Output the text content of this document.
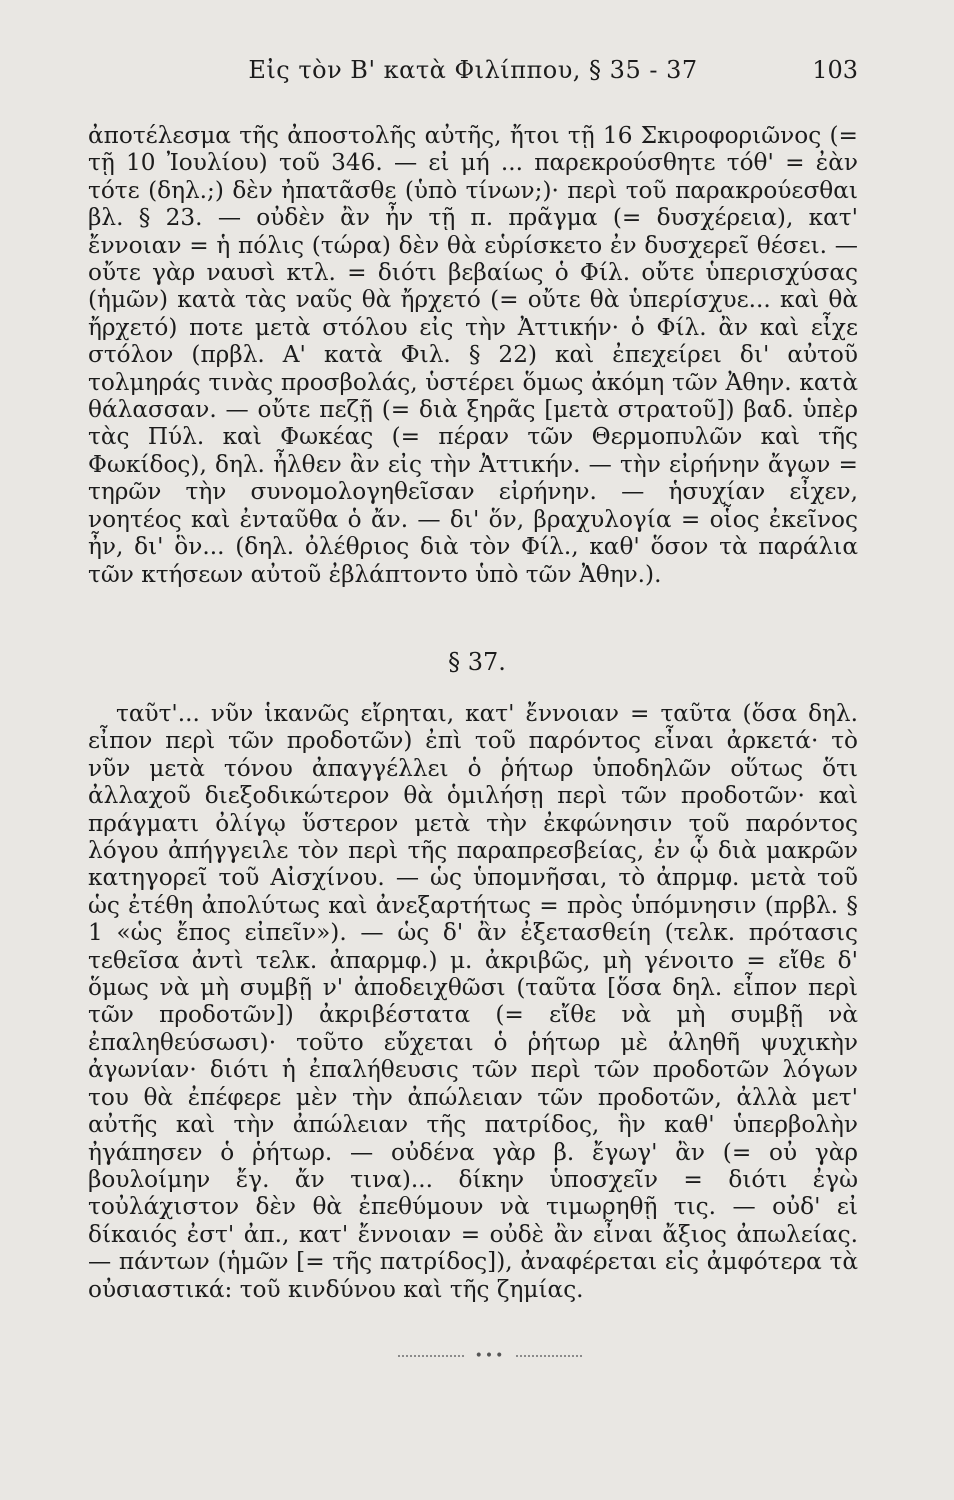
Εἰς τὸν Β' κατὰ Φιλίππου, § 35 - 37	103

ἀποτέλεσμα τῆς ἀποστολῆς αὐτῆς, ἤτοι τῇ 16 Σκιροφοριῶνος (= τῇ 10 Ἰουλίου) τοῦ 346. — εἰ μή ... παρεκρούσθητε τόθ' = ἐὰν τότε (δηλ.;) δὲν ἠπατᾶσθε (ὑπὸ τίνων;)· περὶ τοῦ παρακρούεσθαι βλ. § 23. — οὐδὲν ἂν ἦν τῇ π. πρᾶγμα (= δυσχέρεια), κατ' ἔννοιαν = ἡ πόλις (τώρα) δὲν θὰ εὑρίσκετο ἐν δυσχερεῖ θέσει. — οὔτε γὰρ ναυσὶ κτλ. = διότι βεβαίως ὁ Φίλ. οὔτε ὑπερισχύσας (ἡμῶν) κατὰ τὰς ναῦς θὰ ἤρχετό (= οὔτε θὰ ὑπερίσχυε... καὶ θὰ ἤρχετό) ποτε μετὰ στόλου εἰς τὴν Ἀττικήν· ὁ Φίλ. ἂν καὶ εἶχε στόλον (πρβλ. Α' κατὰ Φιλ. § 22) καὶ ἐπεχείρει δι' αὐτοῦ τολμηράς τινὰς προσβολάς, ὑστέρει ὅμως ἀκόμη τῶν Ἀθην. κατὰ θάλασσαν. — οὔτε πεζῇ (= διὰ ξηρᾶς [μετὰ στρατοῦ]) βαδ. ὑπὲρ τὰς Πύλ. καὶ Φωκέας (= πέραν τῶν Θερμοπυλῶν καὶ τῆς Φωκίδος), δηλ. ἦλθεν ἂν εἰς τὴν Ἀττικήν. — τὴν εἰρήνην ἄγων = τηρῶν τὴν συνομολογηθεῖσαν εἰρήνην. — ἡσυχίαν εἶχεν, νοητέος καὶ ἐνταῦθα ὁ ἄν. — δι' ὅν, βραχυλογία = οἷος ἐκεῖνος ἦν, δι' ὃν... (δηλ. ὀλέθριος διὰ τὸν Φίλ., καθ' ὅσον τὰ παράλια τῶν κτήσεων αὐτοῦ ἐβλάπτοντο ὑπὸ τῶν Ἀθην.).

§ 37.

ταῦτ'... νῦν ἱκανῶς εἴρηται, κατ' ἔννοιαν = ταῦτα (ὅσα δηλ. εἶπον περὶ τῶν προδοτῶν) ἐπὶ τοῦ παρόντος εἶναι ἀρκετά· τὸ νῦν μετὰ τόνου ἀπαγγέλλει ὁ ῥήτωρ ὑποδηλῶν οὕτως ὅτι ἀλλαχοῦ διεξοδικώτερον θὰ ὁμιλήσῃ περὶ τῶν προδοτῶν· καὶ πράγματι ὀλίγῳ ὕστερον μετὰ τὴν ἐκφώνησιν τοῦ παρόντος λόγου ἀπήγγειλε τὸν περὶ τῆς παραπρεσβείας, ἐν ᾧ διὰ μακρῶν κατηγορεῖ τοῦ Αἰσχίνου. — ὡς ὑπομνῆσαι, τὸ ἀπρμφ. μετὰ τοῦ ὡς ἐτέθη ἀπολύτως καὶ ἀνεξαρτήτως = πρὸς ὑπόμνησιν (πρβλ. § 1 «ὡς ἔπος εἰπεῖν»). — ὡς δ' ἂν ἐξετασθείη (τελκ. πρότασις τεθεῖσα ἀντὶ τελκ. ἀπαρμφ.) μ. ἀκριβῶς, μὴ γένοιτο = εἴθε δ' ὅμως νὰ μὴ συμβῇ ν' ἀποδειχθῶσι (ταῦτα [ὅσα δηλ. εἶπον περὶ τῶν προδοτῶν]) ἀκριβέστατα (= εἴθε νὰ μὴ συμβῇ νὰ ἐπαληθεύσωσι)· τοῦτο εὔχεται ὁ ῥήτωρ μὲ ἀληθῆ ψυχικὴν ἀγωνίαν· διότι ἡ ἐπαλήθευσις τῶν περὶ τῶν προδοτῶν λόγων του θὰ ἐπέφερε μὲν τὴν ἀπώλειαν τῶν προδοτῶν, ἀλλὰ μετ' αὐτῆς καὶ τὴν ἀπώλειαν τῆς πατρίδος, ἣν καθ' ὑπερβολὴν ἠγάπησεν ὁ ῥήτωρ. — οὐδένα γὰρ β. ἔγωγ' ἂν (= οὐ γὰρ βουλοίμην ἔγ. ἄν τινα)... δίκην ὑποσχεῖν = διότι ἐγὼ τοὐλάχιστον δὲν θὰ ἐπεθύμουν νὰ τιμωρηθῇ τις. — οὐδ' εἰ δίκαιός ἐστ' ἀπ., κατ' ἔννοιαν = οὐδὲ ἂν εἶναι ἄξιος ἀπωλείας. — πάντων (ἡμῶν [= τῆς πατρίδος]), ἀναφέρεται εἰς ἀμφότερα τὰ οὐσιαστικά: τοῦ κινδύνου καὶ τῆς ζημίας.

•••
